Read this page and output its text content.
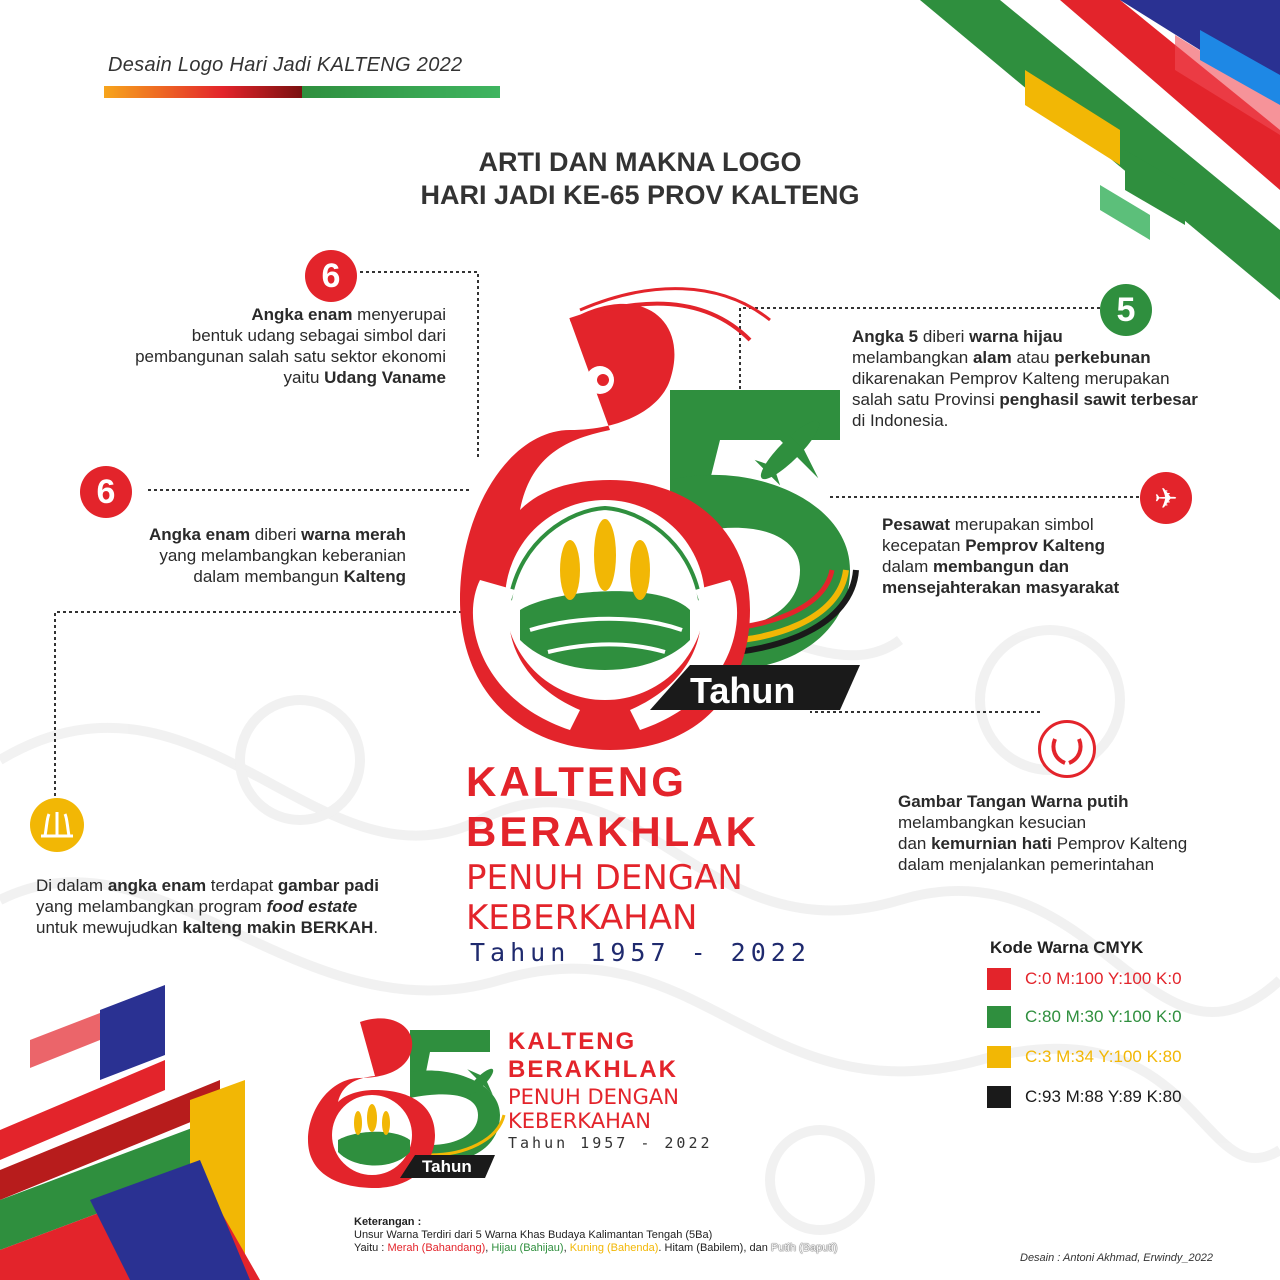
Desain Logo Hari Jadi KALTENG 2022
ARTI DAN MAKNA LOGO
HARI JADI KE-65 PROV KALTENG
6
6
5
✈
Angka enam menyerupai
bentuk udang sebagai simbol dari
pembangunan salah satu sektor ekonomi
yaitu Udang Vaname
Angka enam diberi warna merah
yang melambangkan keberanian
dalam membangun Kalteng
Angka 5 diberi warna hijau
melambangkan alam atau perkebunan
dikarenakan Pemprov Kalteng merupakan
salah satu Provinsi penghasil sawit terbesar
di Indonesia.
Pesawat merupakan simbol
kecepatan Pemprov Kalteng
dalam membangun dan
mensejahterakan masyarakat
Gambar Tangan Warna putih
melambangkan kesucian
dan kemurnian hati Pemprov Kalteng
dalam menjalankan pemerintahan
Di dalam angka enam terdapat gambar padi
yang melambangkan program food estate
untuk mewujudkan kalteng makin BERKAH.
Tahun
KALTENG
BERAKHLAK
PENUH DENGAN
KEBERKAHAN
Tahun 1957 - 2022
Tahun
KALTENG
BERAKHLAK
PENUH DENGAN
KEBERKAHAN
Tahun 1957 - 2022
Kode Warna CMYK
C:0 M:100 Y:100 K:0
C:80 M:30 Y:100 K:0
C:3 M:34 Y:100 K:80
C:93 M:88 Y:89 K:80
Keterangan :
Unsur Warna Terdiri dari 5 Warna Khas Budaya Kalimantan Tengah (5Ba)
Yaitu : Merah (Bahandang), Hijau (Bahijau), Kuning (Bahenda). Hitam (Babilem), dan Putih (Baputi)
Desain : Antoni Akhmad, Erwindy_2022
